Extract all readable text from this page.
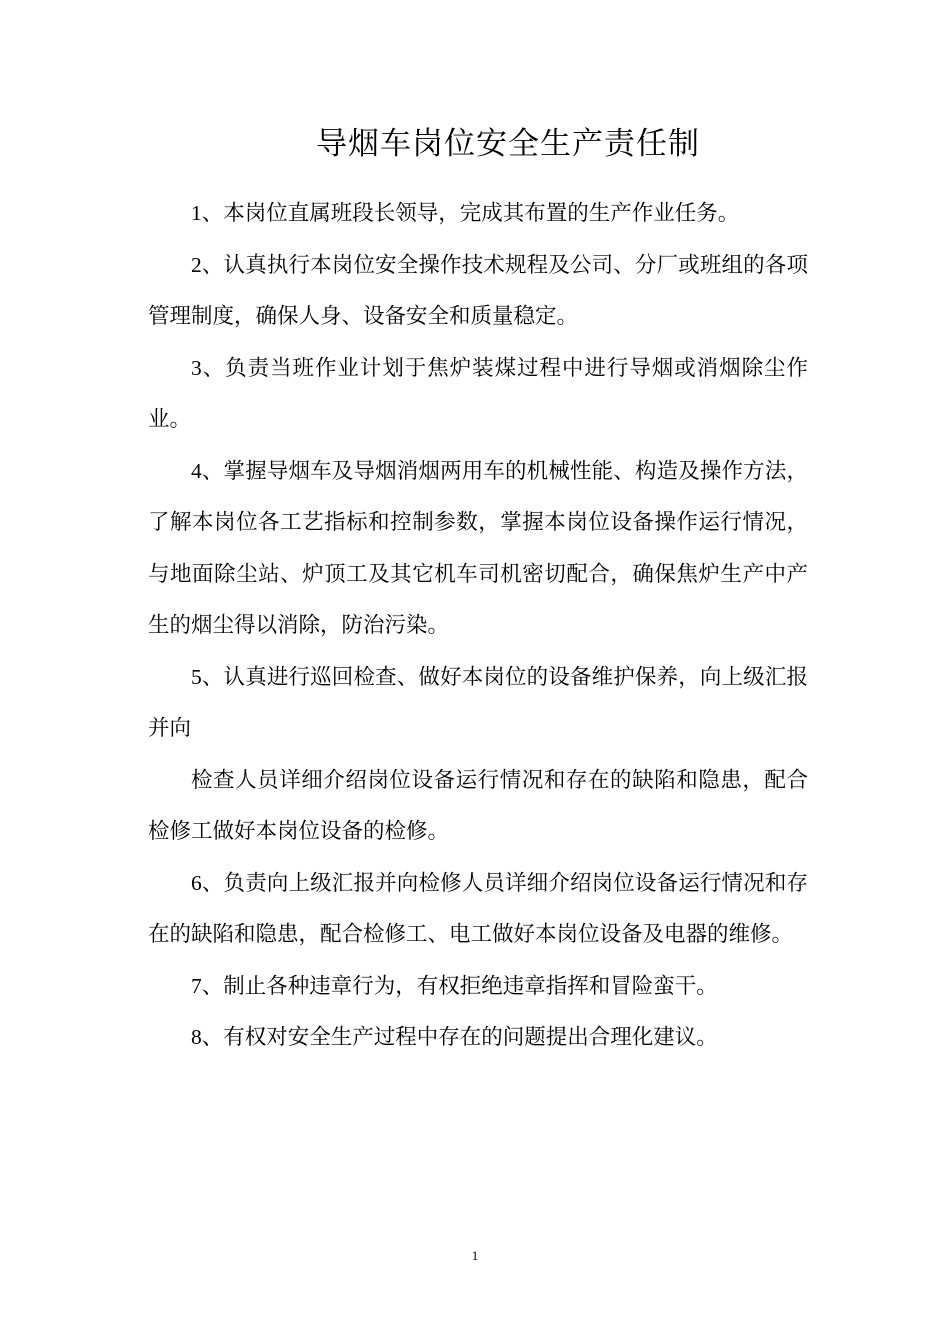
导烟车岗位安全生产责任制

1、本岗位直属班段长领导，完成其布置的生产作业任务。

2、认真执行本岗位安全操作技术规程及公司、分厂或班组的各项管理制度，确保人身、设备安全和质量稳定。

3、负责当班作业计划于焦炉装煤过程中进行导烟或消烟除尘作业。

4、掌握导烟车及导烟消烟两用车的机械性能、构造及操作方法，了解本岗位各工艺指标和控制参数，掌握本岗位设备操作运行情况，与地面除尘站、炉顶工及其它机车司机密切配合，确保焦炉生产中产生的烟尘得以消除，防治污染。

5、认真进行巡回检查、做好本岗位的设备维护保养，向上级汇报并向

检查人员详细介绍岗位设备运行情况和存在的缺陷和隐患，配合检修工做好本岗位设备的检修。

6、负责向上级汇报并向检修人员详细介绍岗位设备运行情况和存在的缺陷和隐患，配合检修工、电工做好本岗位设备及电器的维修。

7、制止各种违章行为，有权拒绝违章指挥和冒险蛮干。

8、有权对安全生产过程中存在的问题提出合理化建议。

1
